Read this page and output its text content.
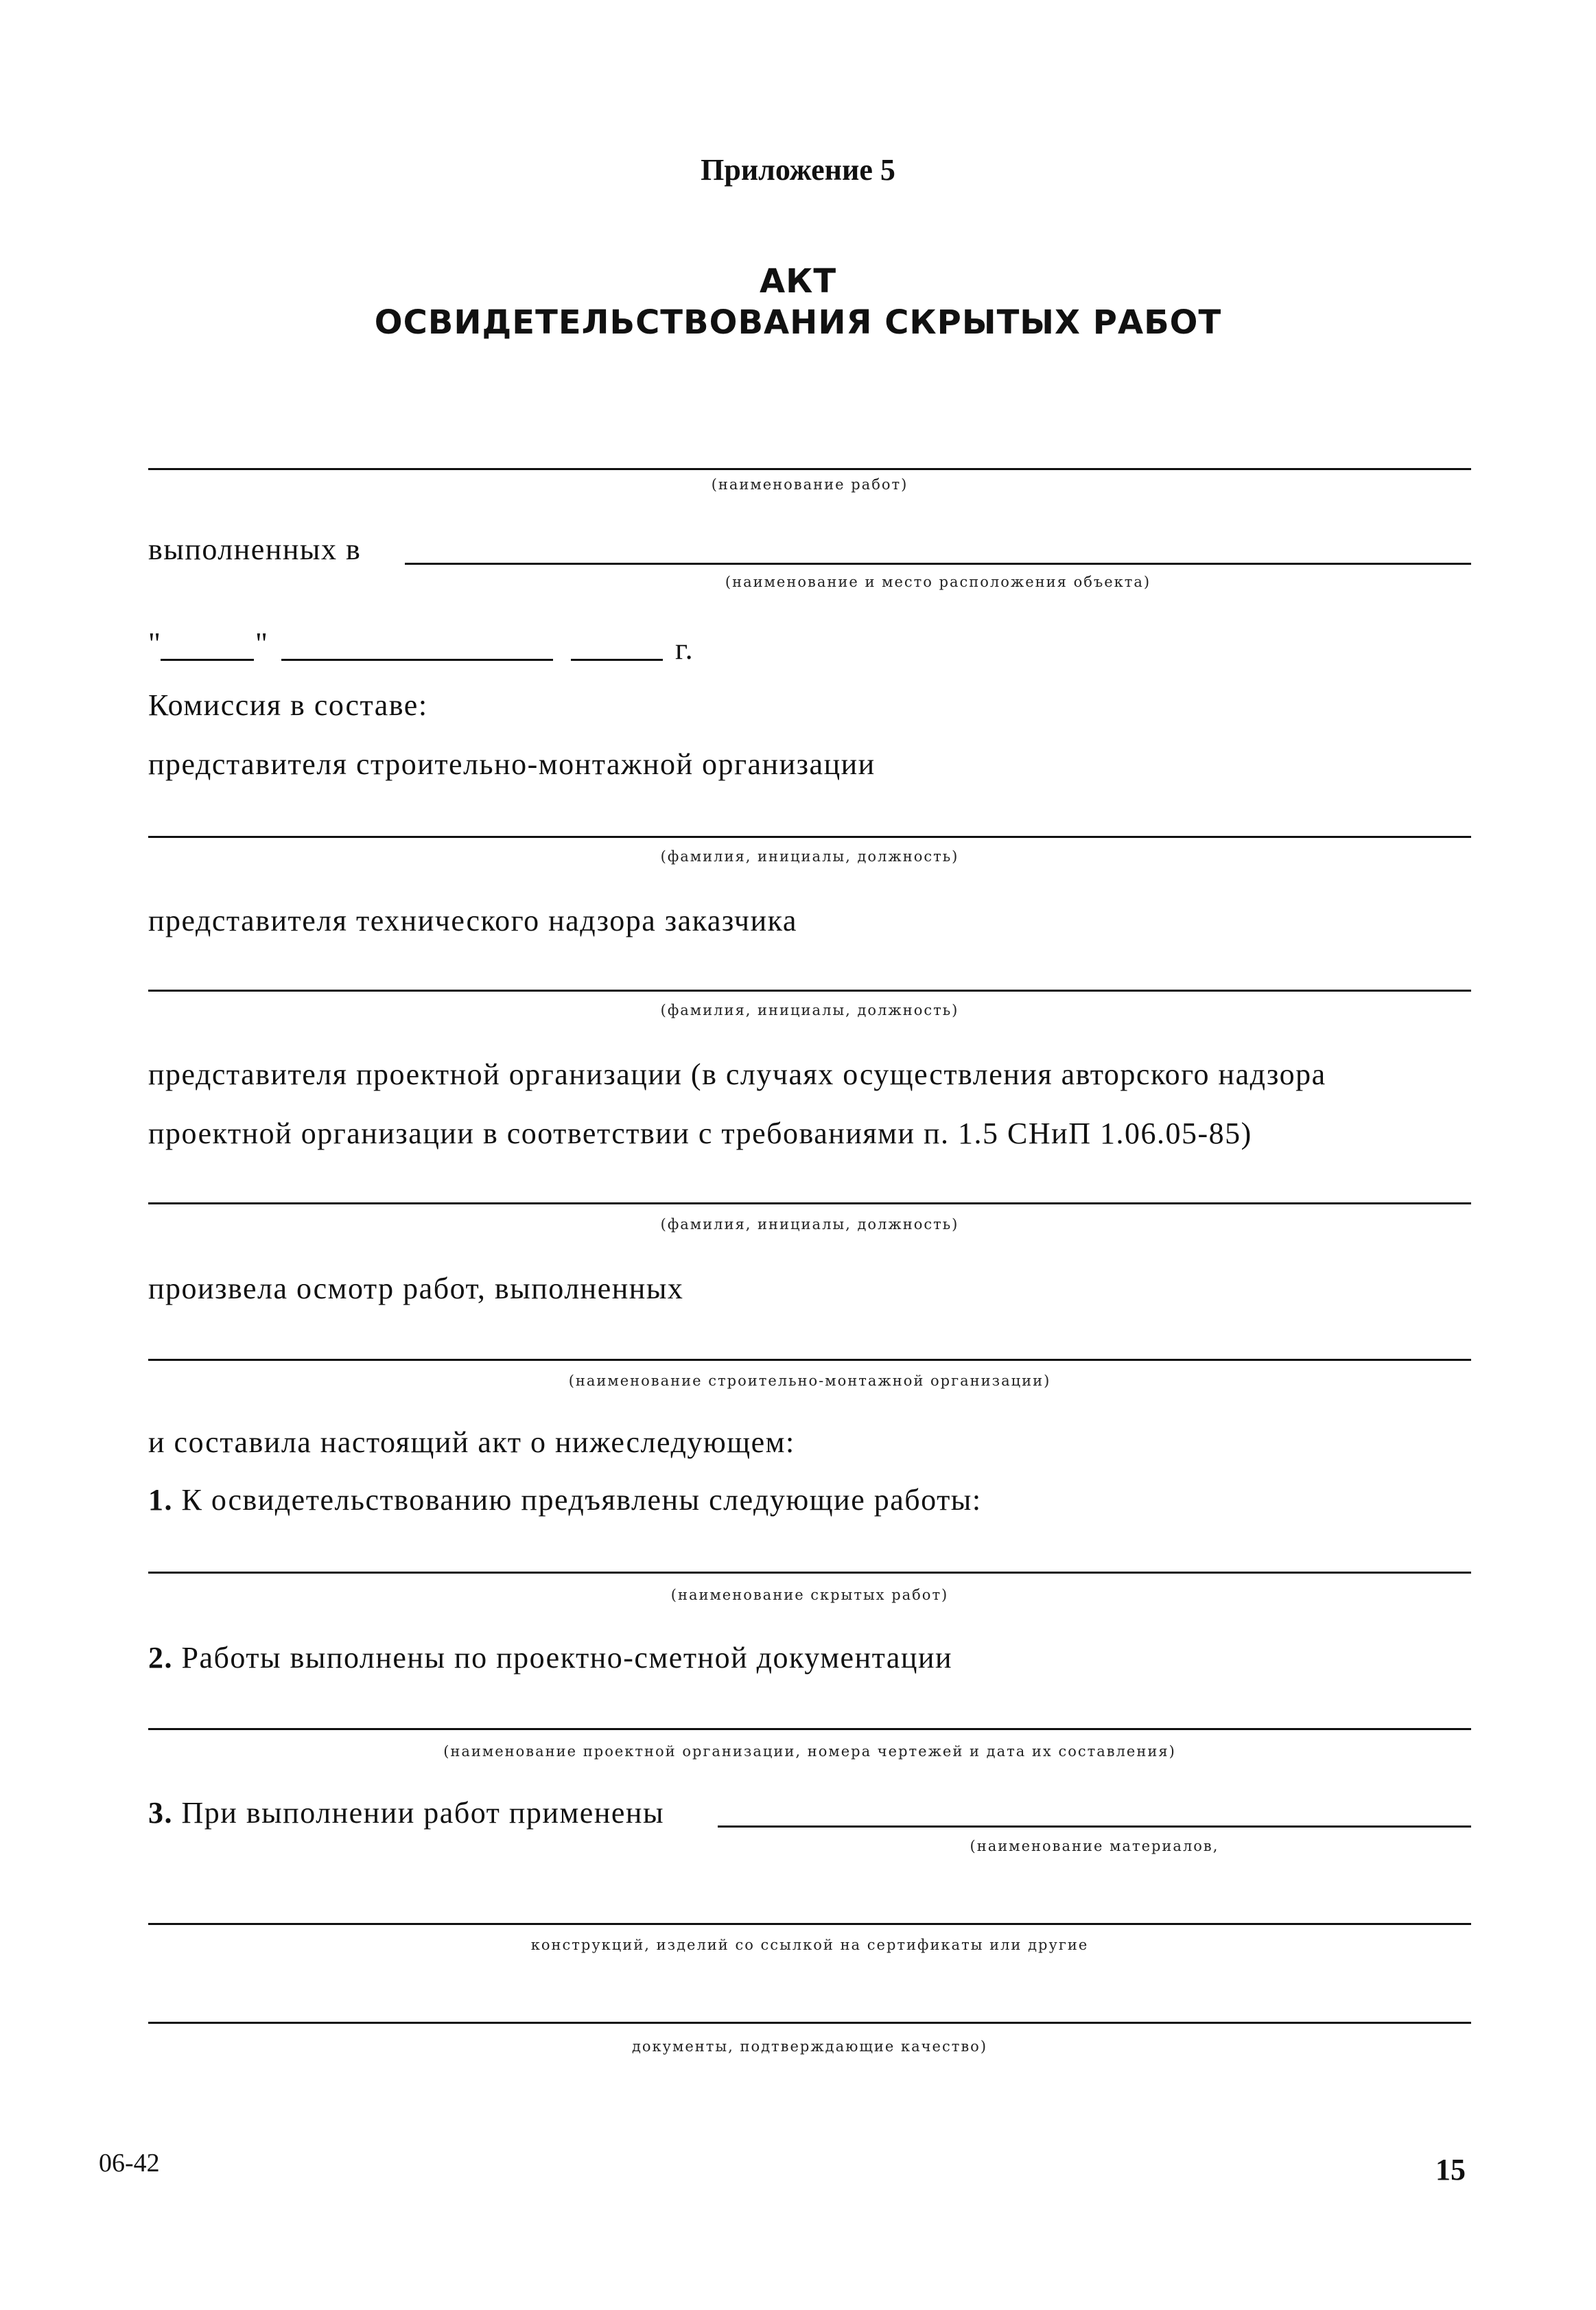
Приложение 5
АКТ
ОСВИДЕТЕЛЬСТВОВАНИЯ СКРЫТЫХ РАБОТ
(наименование работ)
выполненных в
(наименование и место расположения объекта)
"	"	г.
Комиссия в составе:
представителя строительно-монтажной организации
(фамилия, инициалы, должность)
представителя технического надзора заказчика
(фамилия, инициалы, должность)
представителя проектной организации (в случаях осуществления авторского надзора
проектной организации в соответствии с требованиями п. 1.5 СНиП 1.06.05-85)
(фамилия, инициалы, должность)
произвела осмотр работ, выполненных
(наименование строительно-монтажной организации)
и составила настоящий акт о нижеследующем:
1. К освидетельствованию предъявлены следующие работы:
(наименование скрытых работ)
2. Работы выполнены по проектно-сметной документации
(наименование проектной организации, номера чертежей и дата их составления)
3. При выполнении работ применены
(наименование материалов,
конструкций, изделий со ссылкой на сертификаты или другие
документы, подтверждающие качество)
06-42	15
